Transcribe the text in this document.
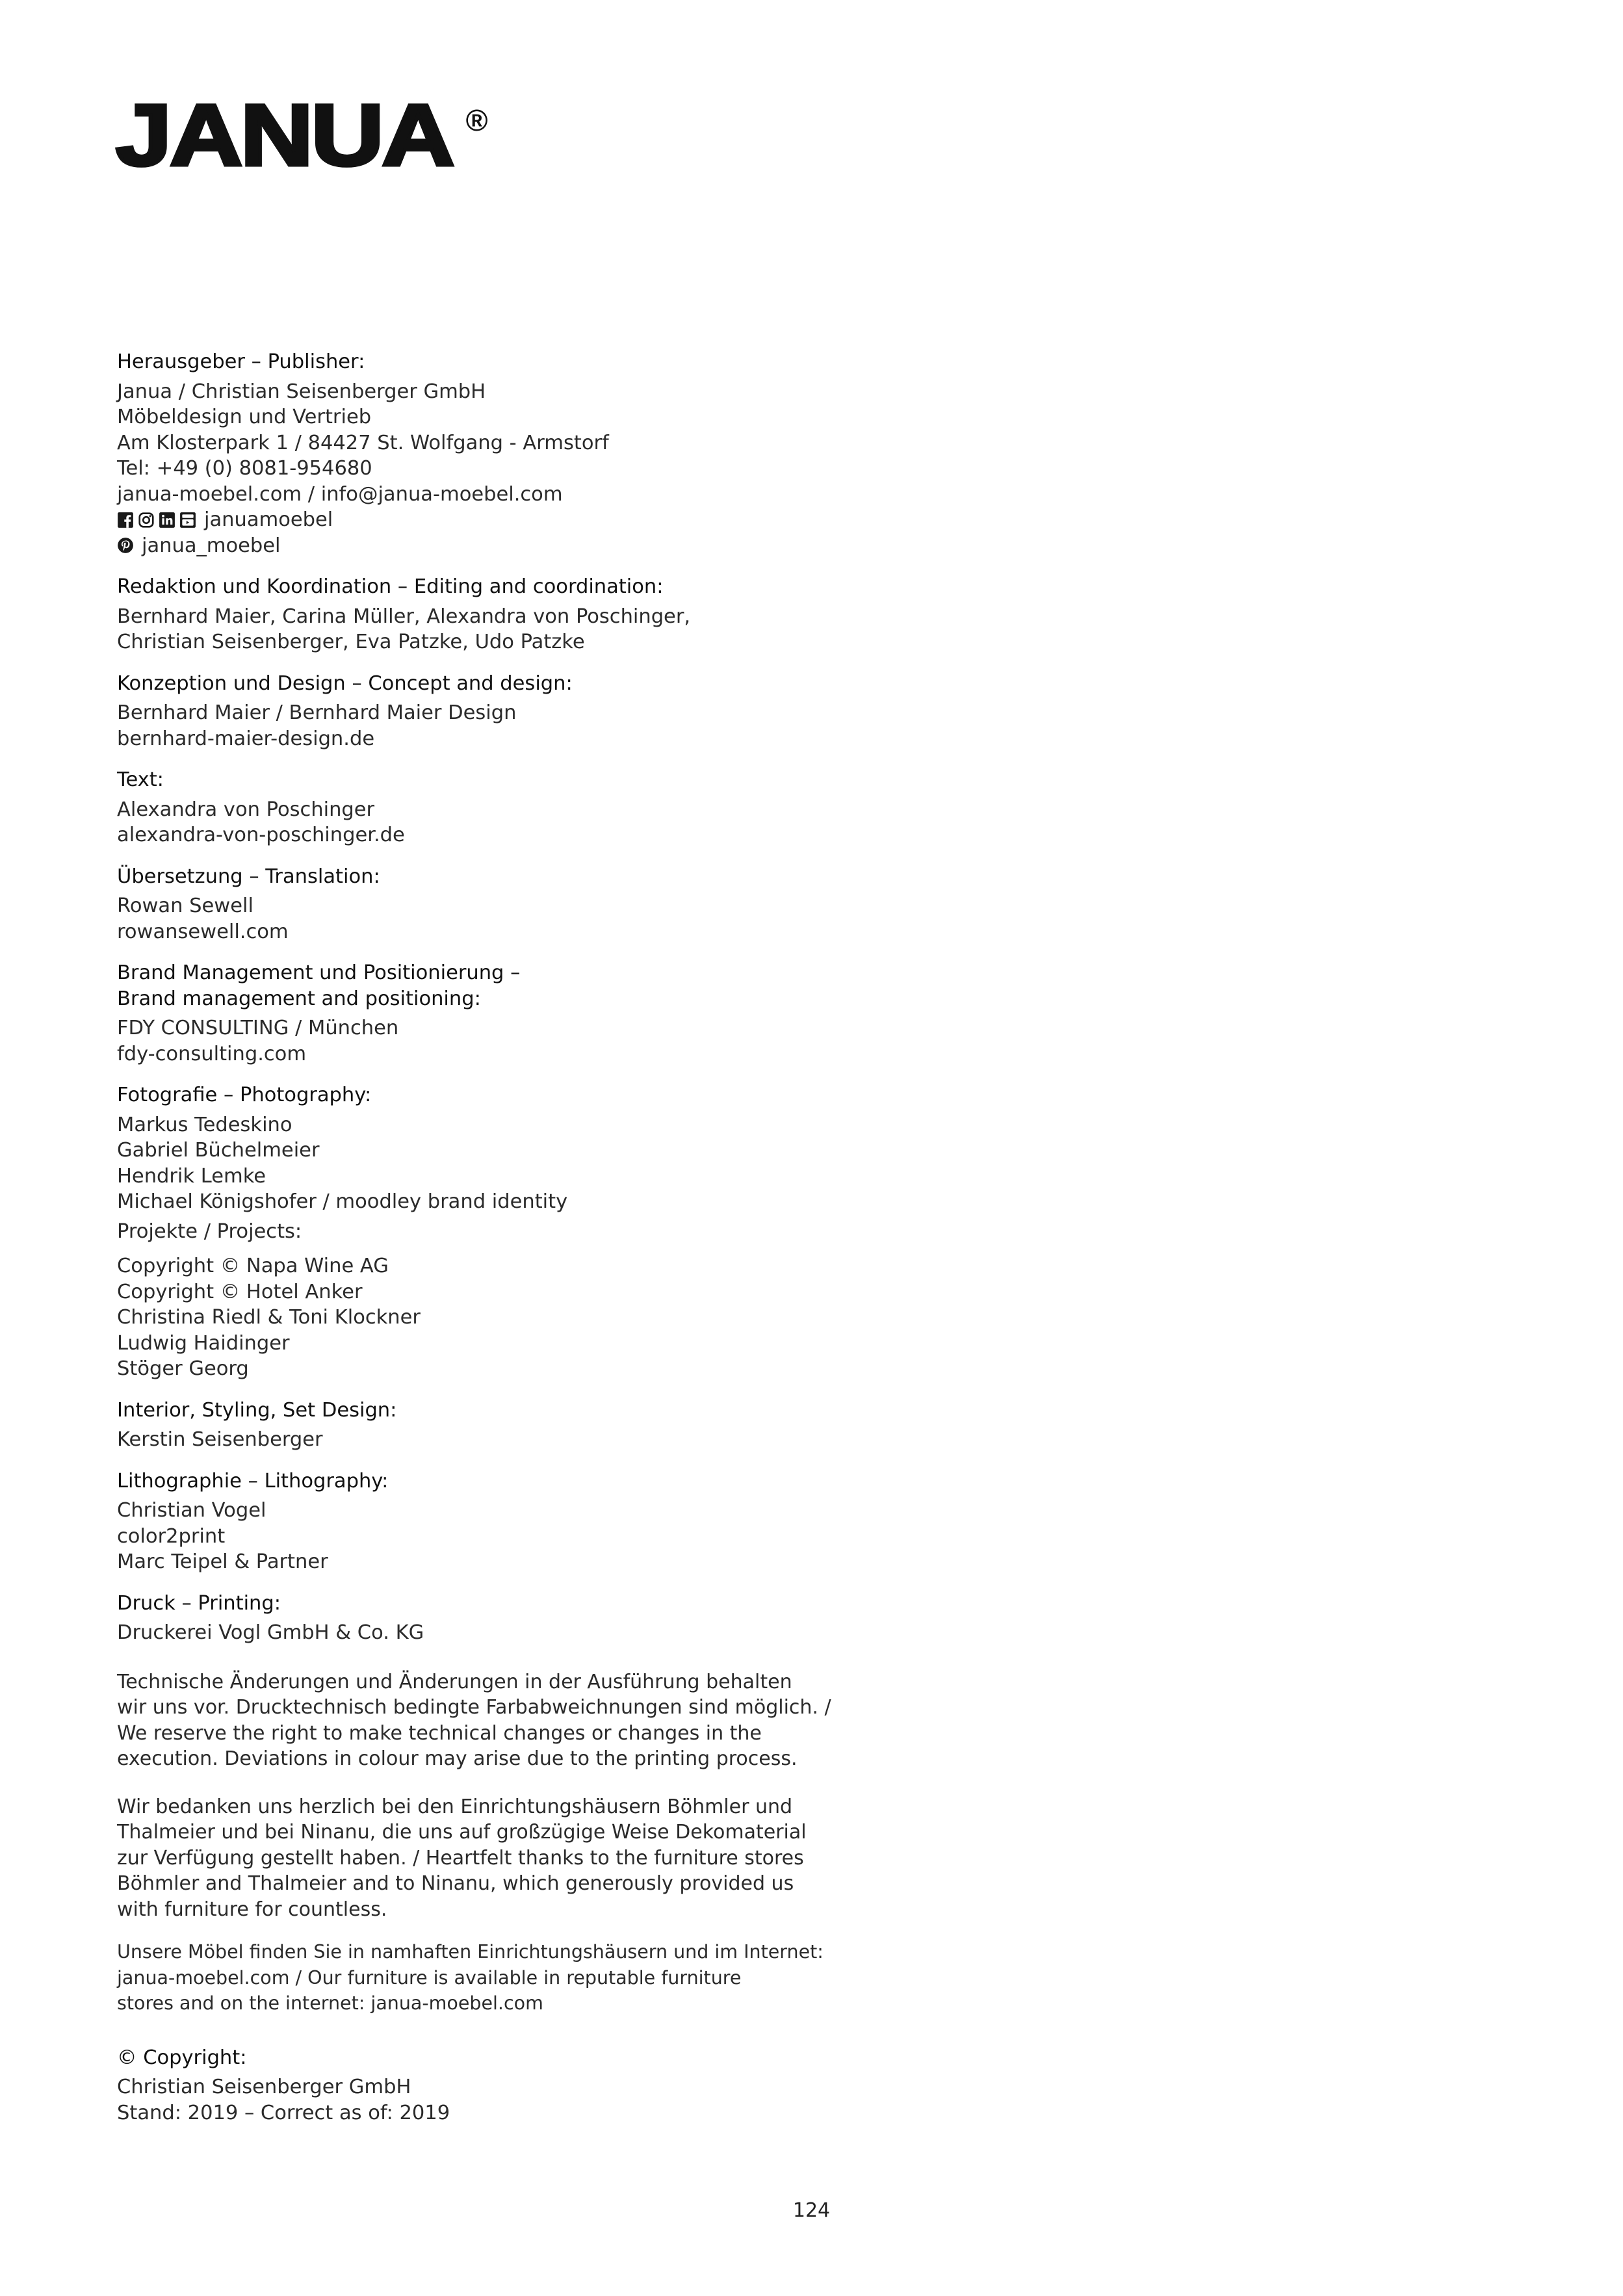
JANUA ®
Herausgeber – Publisher:
Janua / Christian Seisenberger GmbH
Möbeldesign und Vertrieb
Am Klosterpark 1 / 84427 St. Wolfgang - Armstorf
Tel: +49 (0) 8081-954680
janua-moebel.com / info@janua-moebel.com
januamoebel
janua_moebel
Redaktion und Koordination – Editing and coordination:
Bernhard Maier, Carina Müller, Alexandra von Poschinger,
Christian Seisenberger, Eva Patzke, Udo Patzke
Konzeption und Design – Concept and design:
Bernhard Maier / Bernhard Maier Design
bernhard-maier-design.de
Text:
Alexandra von Poschinger
alexandra-von-poschinger.de
Übersetzung – Translation:
Rowan Sewell
rowansewell.com
Brand Management und Positionierung –
Brand management and positioning:
FDY CONSULTING / München
fdy-consulting.com
Fotografie – Photography:
Markus Tedeskino
Gabriel Büchelmeier
Hendrik Lemke
Michael Königshofer / moodley brand identity
Projekte / Projects:
Copyright © Napa Wine AG
Copyright © Hotel Anker
Christina Riedl & Toni Klockner
Ludwig Haidinger
Stöger Georg
Interior, Styling, Set Design:
Kerstin Seisenberger
Lithographie – Lithography:
Christian Vogel
color2print
Marc Teipel & Partner
Druck – Printing:
Druckerei Vogl GmbH & Co. KG
Technische Änderungen und Änderungen in der Ausführung behalten
wir uns vor. Drucktechnisch bedingte Farbabweichnungen sind möglich. /
We reserve the right to make technical changes or changes in the
execution. Deviations in colour may arise due to the printing process.
Wir bedanken uns herzlich bei den Einrichtungshäusern Böhmler und
Thalmeier und bei Ninanu, die uns auf großzügige Weise Dekomaterial
zur Verfügung gestellt haben. / Heartfelt thanks to the furniture stores
Böhmler and Thalmeier and to Ninanu, which generously provided us
with furniture for countless.
Unsere Möbel finden Sie in namhaften Einrichtungshäusern und im Internet:
janua-moebel.com / Our furniture is available in reputable furniture
stores and on the internet: janua-moebel.com
© Copyright:
Christian Seisenberger GmbH
Stand: 2019 – Correct as of: 2019
124
